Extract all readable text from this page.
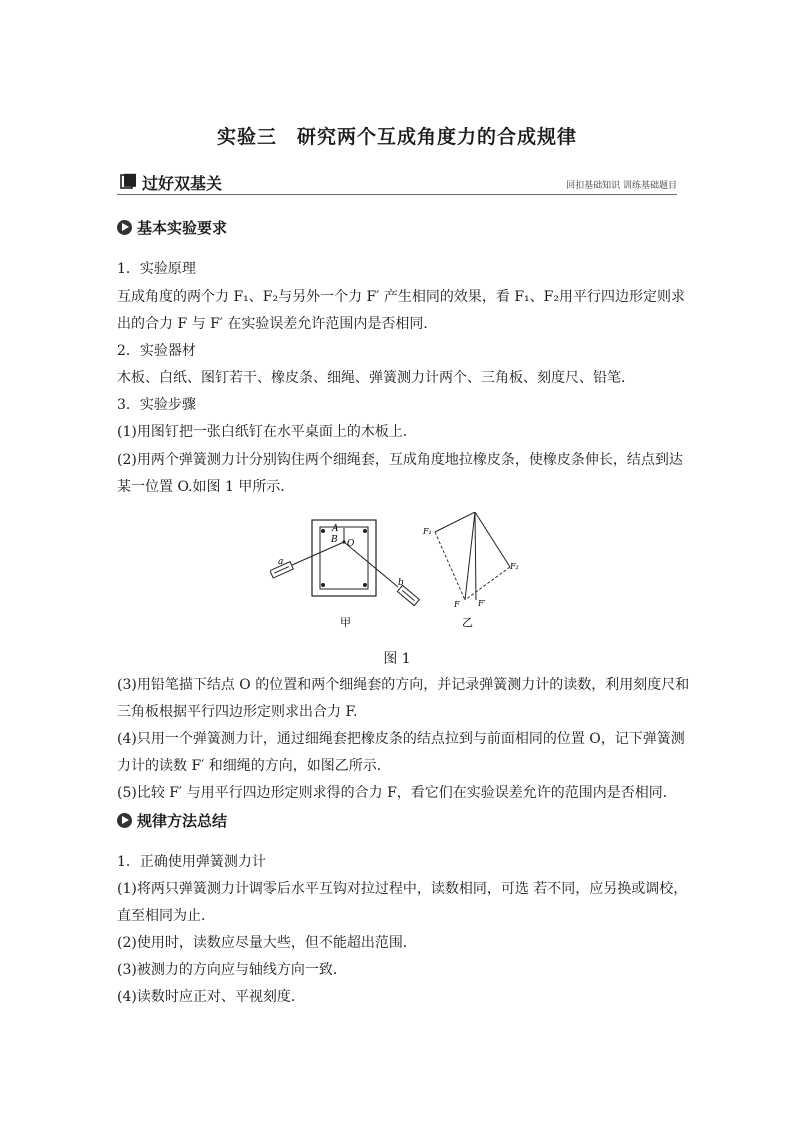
实验三　研究两个互成角度力的合成规律
过好双基关	回扣基础知识 训练基础题目
基本实验要求
1．实验原理
互成角度的两个力 F₁、F₂与另外一个力 F′ 产生相同的效果，看 F₁、F₂用平行四边形定则求
出的合力 F 与 F′ 在实验误差允许范围内是否相同．
2．实验器材
木板、白纸、图钉若干、橡皮条、细绳、弹簧测力计两个、三角板、刻度尺、铅笔．
3．实验步骤
(1)用图钉把一张白纸钉在水平桌面上的木板上．
(2)用两个弹簧测力计分别钩住两个细绳套，互成角度地拉橡皮条，使橡皮条伸长，结点到达
某一位置 O.如图 1 甲所示．
A
B O
a
b
F₁
F₂
F F′
甲	乙
图 1
(3)用铅笔描下结点 O 的位置和两个细绳套的方向，并记录弹簧测力计的读数，利用刻度尺和
三角板根据平行四边形定则求出合力 F.
(4)只用一个弹簧测力计，通过细绳套把橡皮条的结点拉到与前面相同的位置 O，记下弹簧测
力计的读数 F′ 和细绳的方向，如图乙所示．
(5)比较 F′ 与用平行四边形定则求得的合力 F，看它们在实验误差允许的范围内是否相同．
规律方法总结
1．正确使用弹簧测力计
(1)将两只弹簧测力计调零后水平互钩对拉过程中，读数相同，可选 若不同，应另换或调校，
直至相同为止．
(2)使用时，读数应尽量大些，但不能超出范围．
(3)被测力的方向应与轴线方向一致．
(4)读数时应正对、平视刻度．
